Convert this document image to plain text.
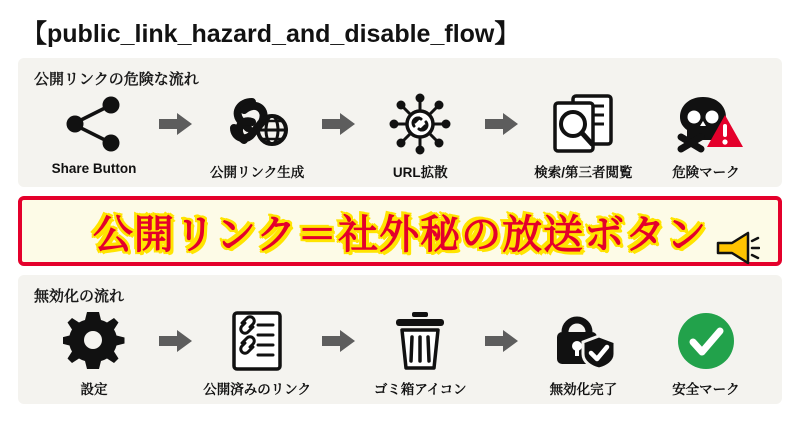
【public_link_hazard_and_disable_flow】
公開リンクの危険な流れ
Share Button	公開リンク生成	URL拡散	検索/第三者閲覧	危険マーク
公開リンク＝社外秘の放送ボタン
無効化の流れ
設定	公開済みのリンク	ゴミ箱アイコン	無効化完了	安全マーク
